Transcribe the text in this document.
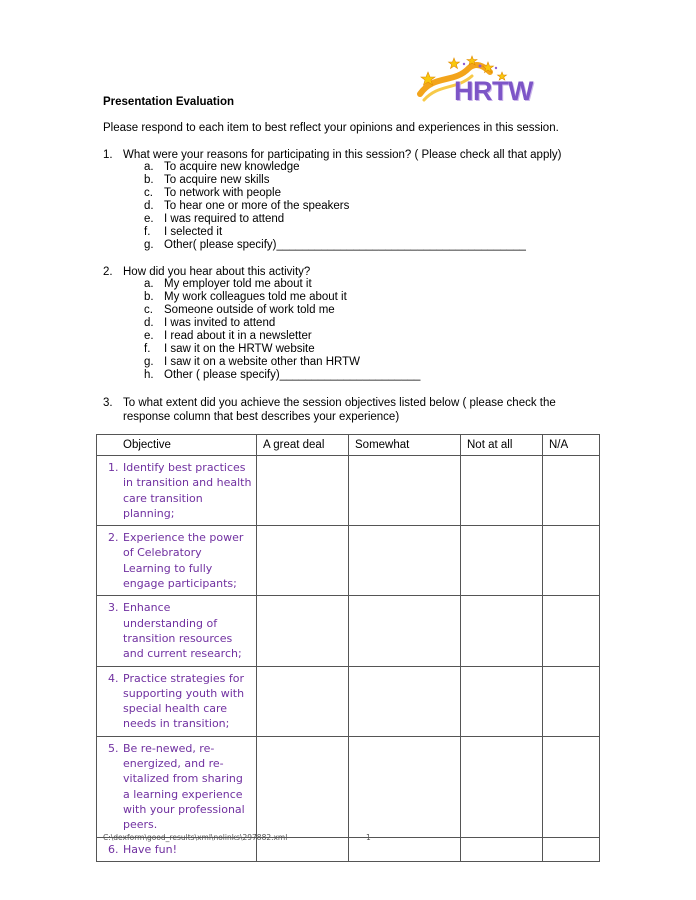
HRTW
Presentation Evaluation
Please respond to each item to best reflect your opinions and experiences in this session.
1. What were your reasons for participating in this session? ( Please check all that apply)
a. To acquire new knowledge
b. To acquire new skills
c. To network with people
d. To hear one or more of the speakers
e. I was required to attend
f.	I selected it
g. Other( please specify)_______________________________________
2. How did you hear about this activity?
a. My employer told me about it
b. My work colleagues told me about it
c. Someone outside of work told me
d. I was invited to attend
e. I read about it in a newsletter
f.	I saw it on the HRTW website
g. I saw it on a website other than HRTW
h. Other ( please specify)______________________
3. To what extent did you achieve the session objectives listed below ( please check the response column that best describes your experience)
Objective	A great deal	Somewhat	Not at all	N/A

1. Identify best practices in transition and health care transition planning;				

2. Experience the power of Celebratory Learning to fully engage participants;				

3. Enhance understanding of transition resources and current research;				

4. Practice strategies for supporting youth with special health care needs in transition;				

5. Be re-newed, re-energized, and re-vitalized from sharing a learning experience with your professional peers.				

6. Have fun!				

C:\dexform\good_results\xml\nolinks\297882.xml	1
